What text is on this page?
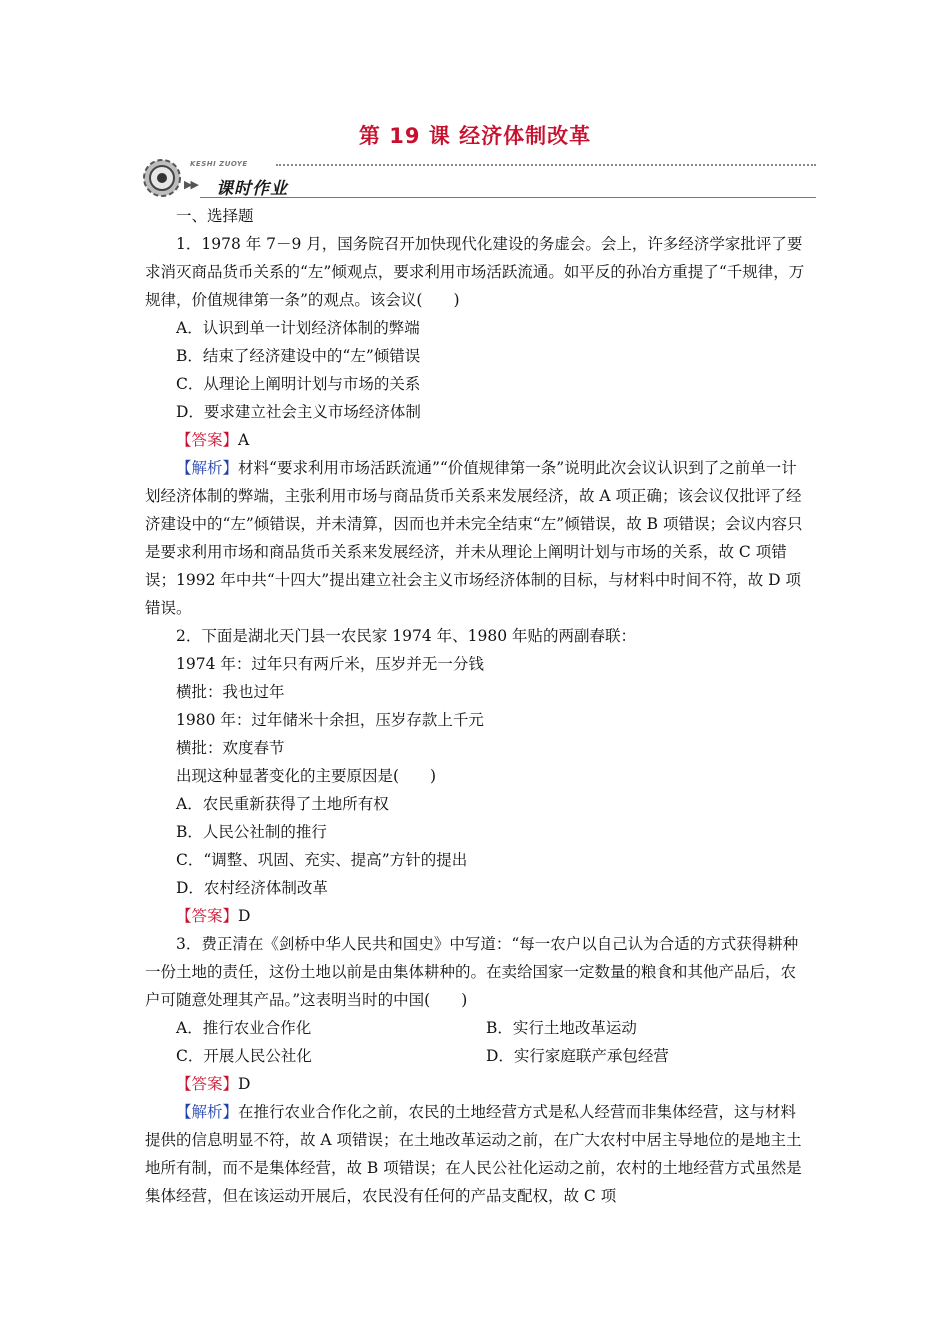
第 19 课 经济体制改革
KESHI ZUOYE
▶▶ 课时作业

一、选择题

1．1978 年 7－9 月，国务院召开加快现代化建设的务虚会。会上，许多经济学家批评了要求消灭商品货币关系的“左”倾观点，要求利用市场活跃流通。如平反的孙冶方重提了“千规律，万规律，价值规律第一条”的观点。该会议(　　)

A．认识到单一计划经济体制的弊端

B．结束了经济建设中的“左”倾错误

C．从理论上阐明计划与市场的关系

D．要求建立社会主义市场经济体制

【答案】A

【解析】材料“要求利用市场活跃流通”“价值规律第一条”说明此次会议认识到了之前单一计划经济体制的弊端，主张利用市场与商品货币关系来发展经济，故 A 项正确；该会议仅批评了经济建设中的“左”倾错误，并未清算，因而也并未完全结束“左”倾错误，故 B 项错误；会议内容只是要求利用市场和商品货币关系来发展经济，并未从理论上阐明计划与市场的关系，故 C 项错误；1992 年中共“十四大”提出建立社会主义市场经济体制的目标，与材料中时间不符，故 D 项错误。

2．下面是湖北天门县一农民家 1974 年、1980 年贴的两副春联：

1974 年：过年只有两斤米，压岁并无一分钱

横批：我也过年

1980 年：过年储米十余担，压岁存款上千元

横批：欢度春节

出现这种显著变化的主要原因是(　　)

A．农民重新获得了土地所有权

B．人民公社制的推行

C．“调整、巩固、充实、提高”方针的提出

D．农村经济体制改革

【答案】D

3．费正清在《剑桥中华人民共和国史》中写道：“每一农户以自己认为合适的方式获得耕种一份土地的责任，这份土地以前是由集体耕种的。在卖给国家一定数量的粮食和其他产品后，农户可随意处理其产品。”这表明当时的中国(　　)

A．推行农业合作化	B．实行土地改革运动
C．开展人民公社化	D．实行家庭联产承包经营

【答案】D

【解析】在推行农业合作化之前，农民的土地经营方式是私人经营而非集体经营，这与材料提供的信息明显不符，故 A 项错误；在土地改革运动之前，在广大农村中居主导地位的是地主土地所有制，而不是集体经营，故 B 项错误；在人民公社化运动之前，农村的土地经营方式虽然是集体经营，但在该运动开展后，农民没有任何的产品支配权，故 C 项
